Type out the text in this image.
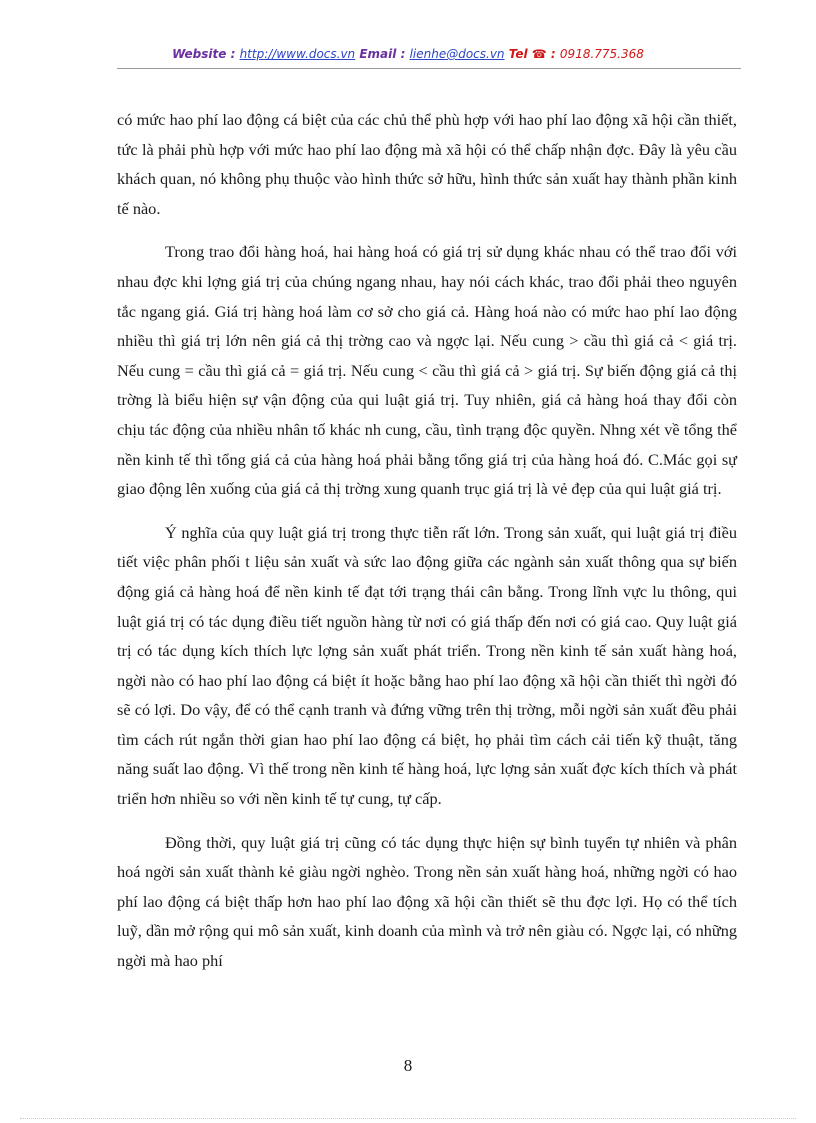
Website : http://www.docs.vn Email : lienhe@docs.vn Tel ☎ : 0918.775.368

có mức hao phí lao động cá biệt của các chủ thể phù hợp với hao phí lao động xã hội cần thiết, tức là phải phù hợp với mức hao phí lao động mà xã hội có thể chấp nhận đợc. Đây là yêu cầu khách quan, nó không phụ thuộc vào hình thức sở hữu, hình thức sản xuất hay thành phần kinh tế nào.

Trong trao đổi hàng hoá, hai hàng hoá có giá trị sử dụng khác nhau có thể trao đổi với nhau đợc khi lợng giá trị của chúng ngang nhau, hay nói cách khác, trao đổi phải theo nguyên tắc ngang giá. Giá trị hàng hoá làm cơ sở cho giá cả. Hàng hoá nào có mức hao phí lao động nhiều thì giá trị lớn nên giá cả thị trờng cao và ngợc lại. Nếu cung > cầu thì giá cả < giá trị. Nếu cung = cầu thì giá cả = giá trị. Nếu cung < cầu thì giá cả > giá trị. Sự biến động giá cả thị trờng là biểu hiện sự vận động của qui luật giá trị. Tuy nhiên, giá cả hàng hoá thay đổi còn chịu tác động của nhiều nhân tố khác nh cung, cầu, tình trạng độc quyền. Nhng xét về tổng thể nền kinh tế thì tổng giá cả của hàng hoá phải bằng tổng giá trị của hàng hoá đó. C.Mác gọi sự giao động lên xuống của giá cả thị trờng xung quanh trục giá trị là vẻ đẹp của qui luật giá trị.

Ý nghĩa của quy luật giá trị trong thực tiễn rất lớn. Trong sản xuất, qui luật giá trị điều tiết việc phân phối t liệu sản xuất và sức lao động giữa các ngành sản xuất thông qua sự biến động giá cả hàng hoá để nền kinh tế đạt tới trạng thái cân bằng. Trong lĩnh vực lu thông, qui luật giá trị có tác dụng điều tiết nguồn hàng từ nơi có giá thấp đến nơi có giá cao. Quy luật giá trị có tác dụng kích thích lực lợng sản xuất phát triển. Trong nền kinh tế sản xuất hàng hoá, ngời nào có hao phí lao động cá biệt ít hoặc bằng hao phí lao động xã hội cần thiết thì ngời đó sẽ có lợi. Do vậy, để có thể cạnh tranh và đứng vững trên thị trờng, mỗi ngời sản xuất đều phải tìm cách rút ngắn thời gian hao phí lao động cá biệt, họ phải tìm cách cải tiến kỹ thuật, tăng năng suất lao động. Vì thế trong nền kinh tế hàng hoá, lực lợng sản xuất đợc kích thích và phát triển hơn nhiều so với nền kinh tế tự cung, tự cấp.

Đồng thời, quy luật giá trị cũng có tác dụng thực hiện sự bình tuyển tự nhiên và phân hoá ngời sản xuất thành kẻ giàu ngời nghèo. Trong nền sản xuất hàng hoá, những ngời có hao phí lao động cá biệt thấp hơn hao phí lao động xã hội cần thiết sẽ thu đợc lợi. Họ có thể tích luỹ, dần mở rộng qui mô sản xuất, kinh doanh của mình và trở nên giàu có. Ngợc lại, có những ngời mà hao phí

8
